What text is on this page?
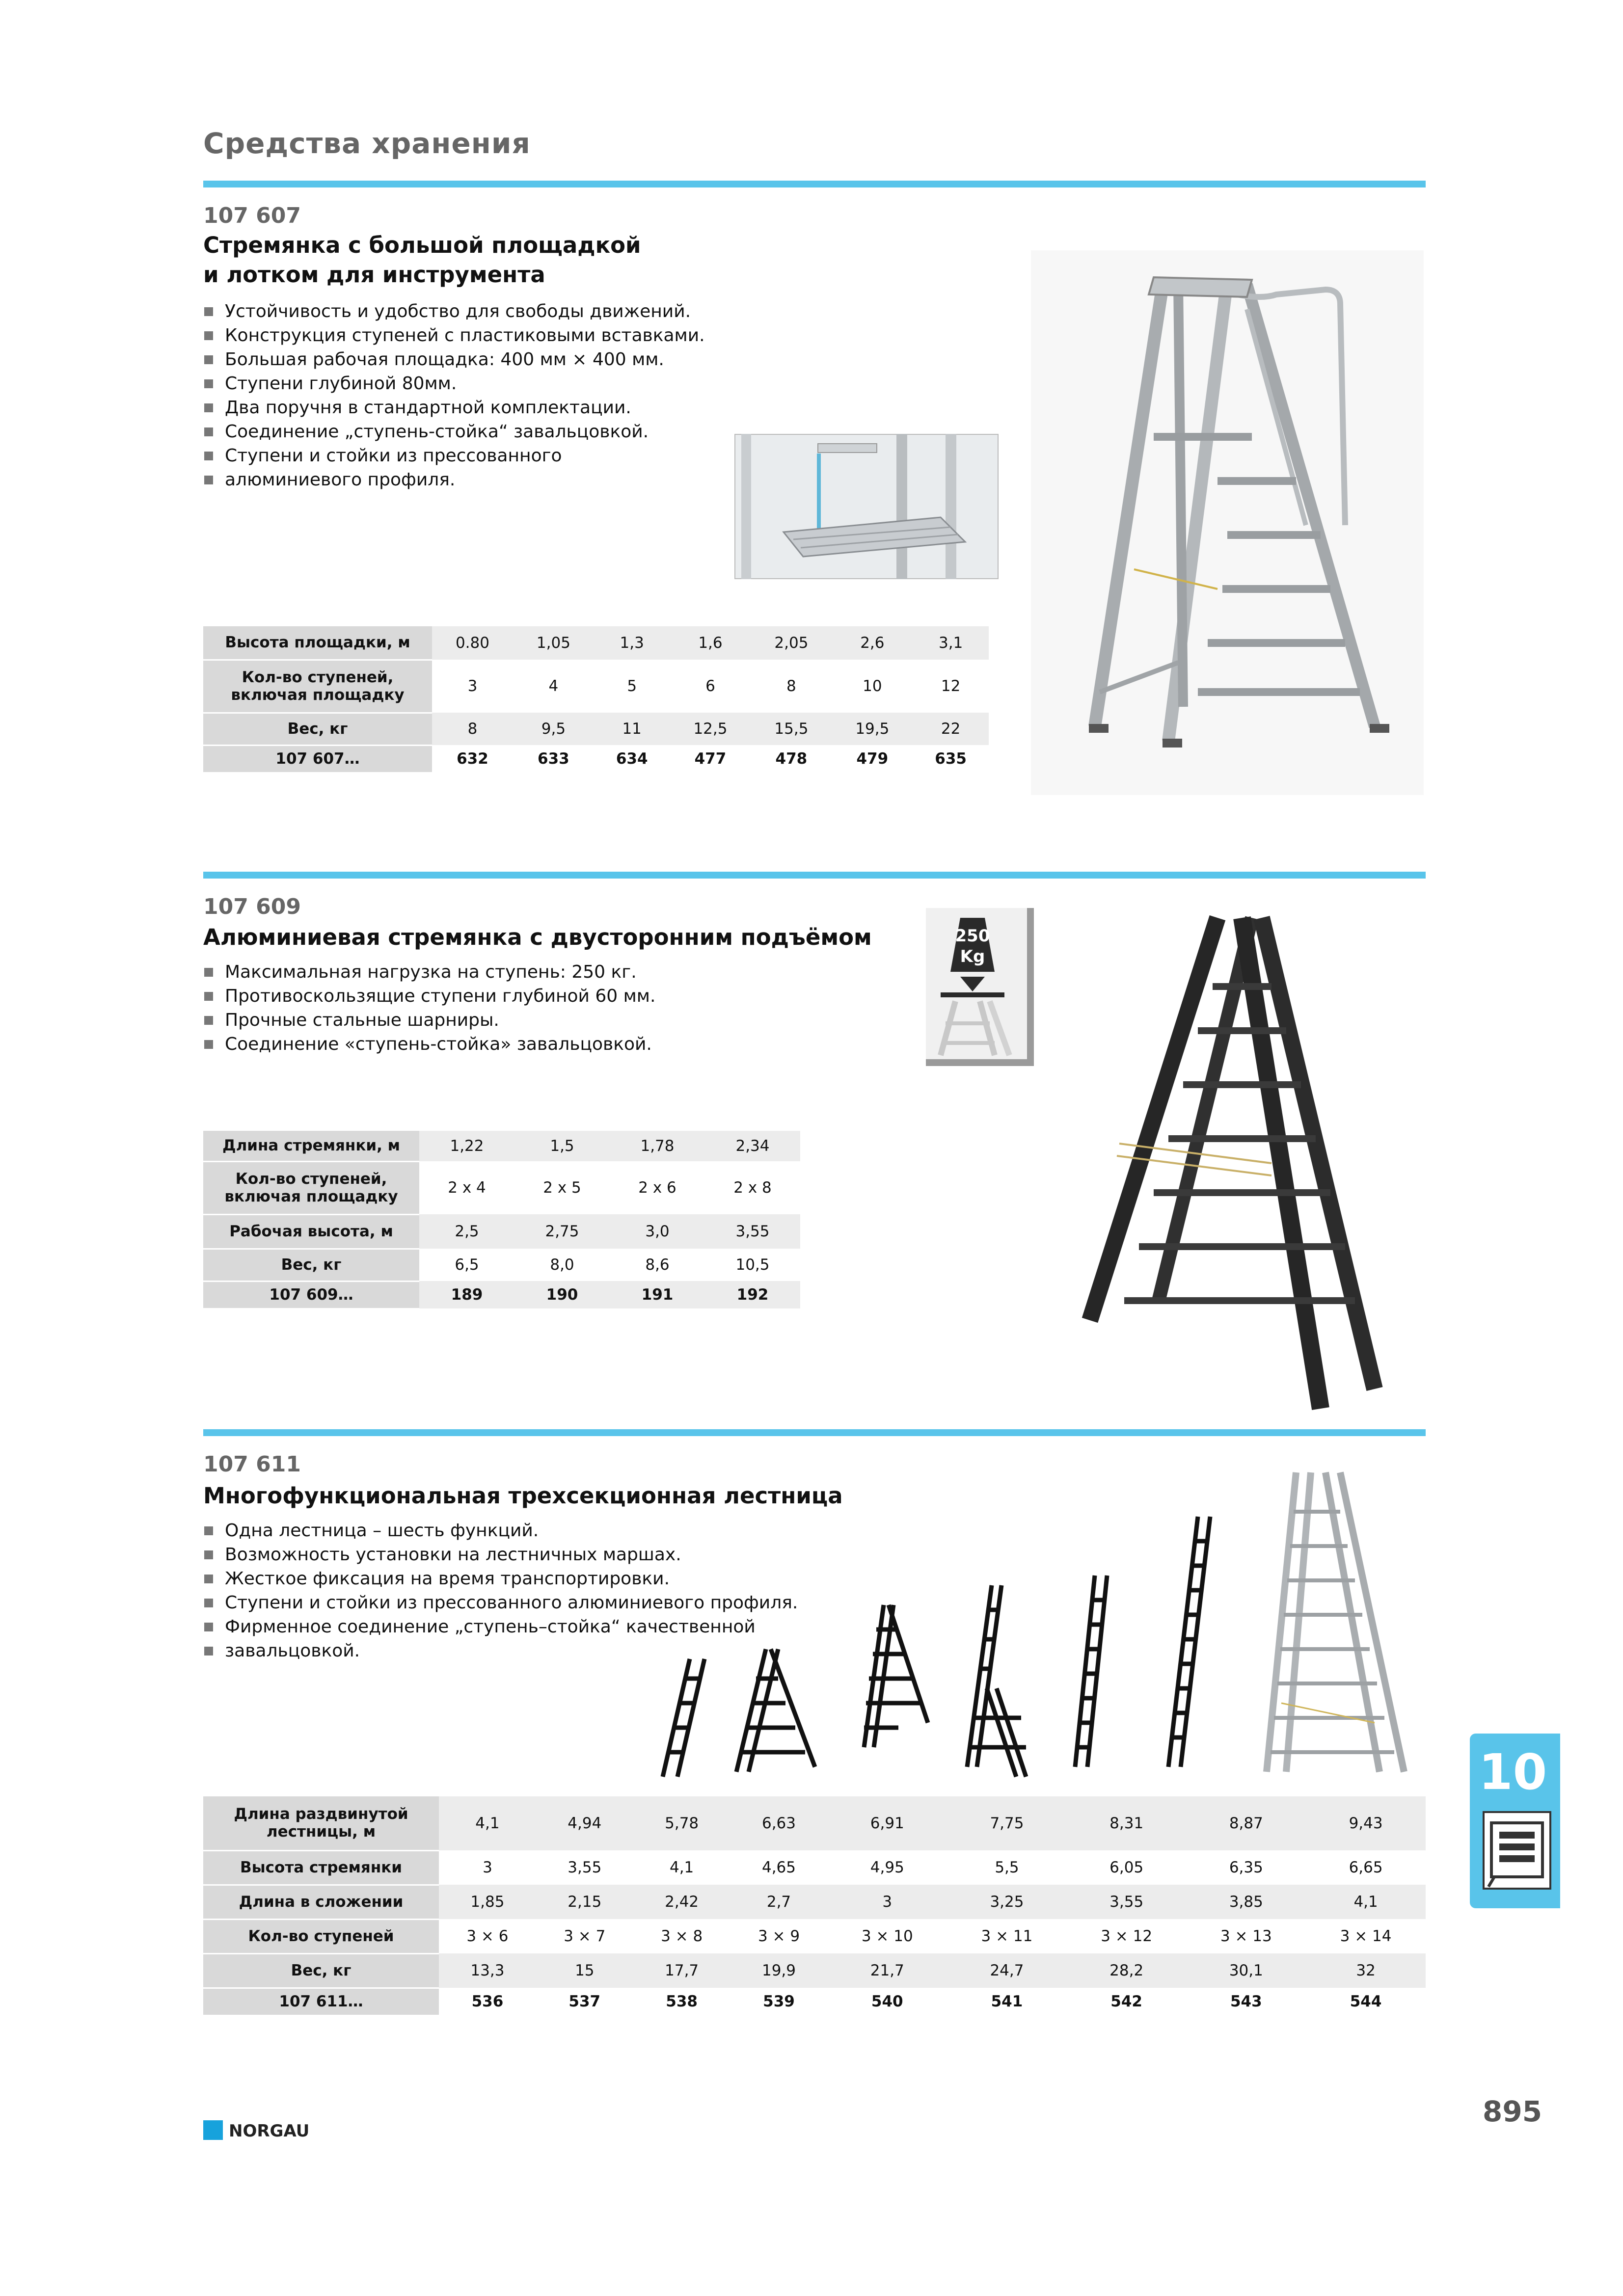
Средства хранения
107 607
Стремянка с большой площадкой
и лотком для инструмента
Устойчивость и удобство для свободы движений.
Конструкция ступеней с пластиковыми вставками.
Большая рабочая площадка: 400 мм × 400 мм.
Ступени глубиной 80мм.
Два поручня в стандартной комплектации.
Соединение „ступень-стойка“ завальцовкой.
Ступени и стойки из прессованного
алюминиевого профиля.
Высота площадки, м	0.80	1,05	1,3	1,6	2,05	2,6	3,1
Кол-во ступеней, включая площадку	3	4	5	6	8	10	12
Вес, кг	8	9,5	11	12,5	15,5	19,5	22
107 607…	632	633	634	477	478	479	635
107 609
Алюминиевая стремянка с двусторонним подъёмом
Максимальная нагрузка на ступень: 250 кг.
Противоскользящие ступени глубиной 60 мм.
Прочные стальные шарниры.
Соединение «ступень-стойка» завальцовкой.
250
Kg
Длина стремянки, м	1,22	1,5	1,78	2,34
Кол-во ступеней, включая площадку	2 x 4	2 x 5	2 x 6	2 x 8
Рабочая высота, м	2,5	2,75	3,0	3,55
Вес, кг	6,5	8,0	8,6	10,5
107 609…	189	190	191	192
107 611
Многофункциональная трехсекционная лестница
Одна лестница – шесть функций.
Возможность установки на лестничных маршах.
Жесткое фиксация на время транспортировки.
Ступени и стойки из прессованного алюминиевого профиля.
Фирменное соединение „ступень–стойка“ качественной
завальцовкой.
Длина раздвинутой лестницы, м	4,1	4,94	5,78	6,63	6,91	7,75	8,31	8,87	9,43
Высота стремянки	3	3,55	4,1	4,65	4,95	5,5	6,05	6,35	6,65
Длина в сложении	1,85	2,15	2,42	2,7	3	3,25	3,55	3,85	4,1
Кол-во ступеней	3 × 6	3 × 7	3 × 8	3 × 9	3 × 10	3 × 11	3 × 12	3 × 13	3 × 14
Вес, кг	13,3	15	17,7	19,9	21,7	24,7	28,2	30,1	32
107 611…	536	537	538	539	540	541	542	543	544
10
NORGAU
895
